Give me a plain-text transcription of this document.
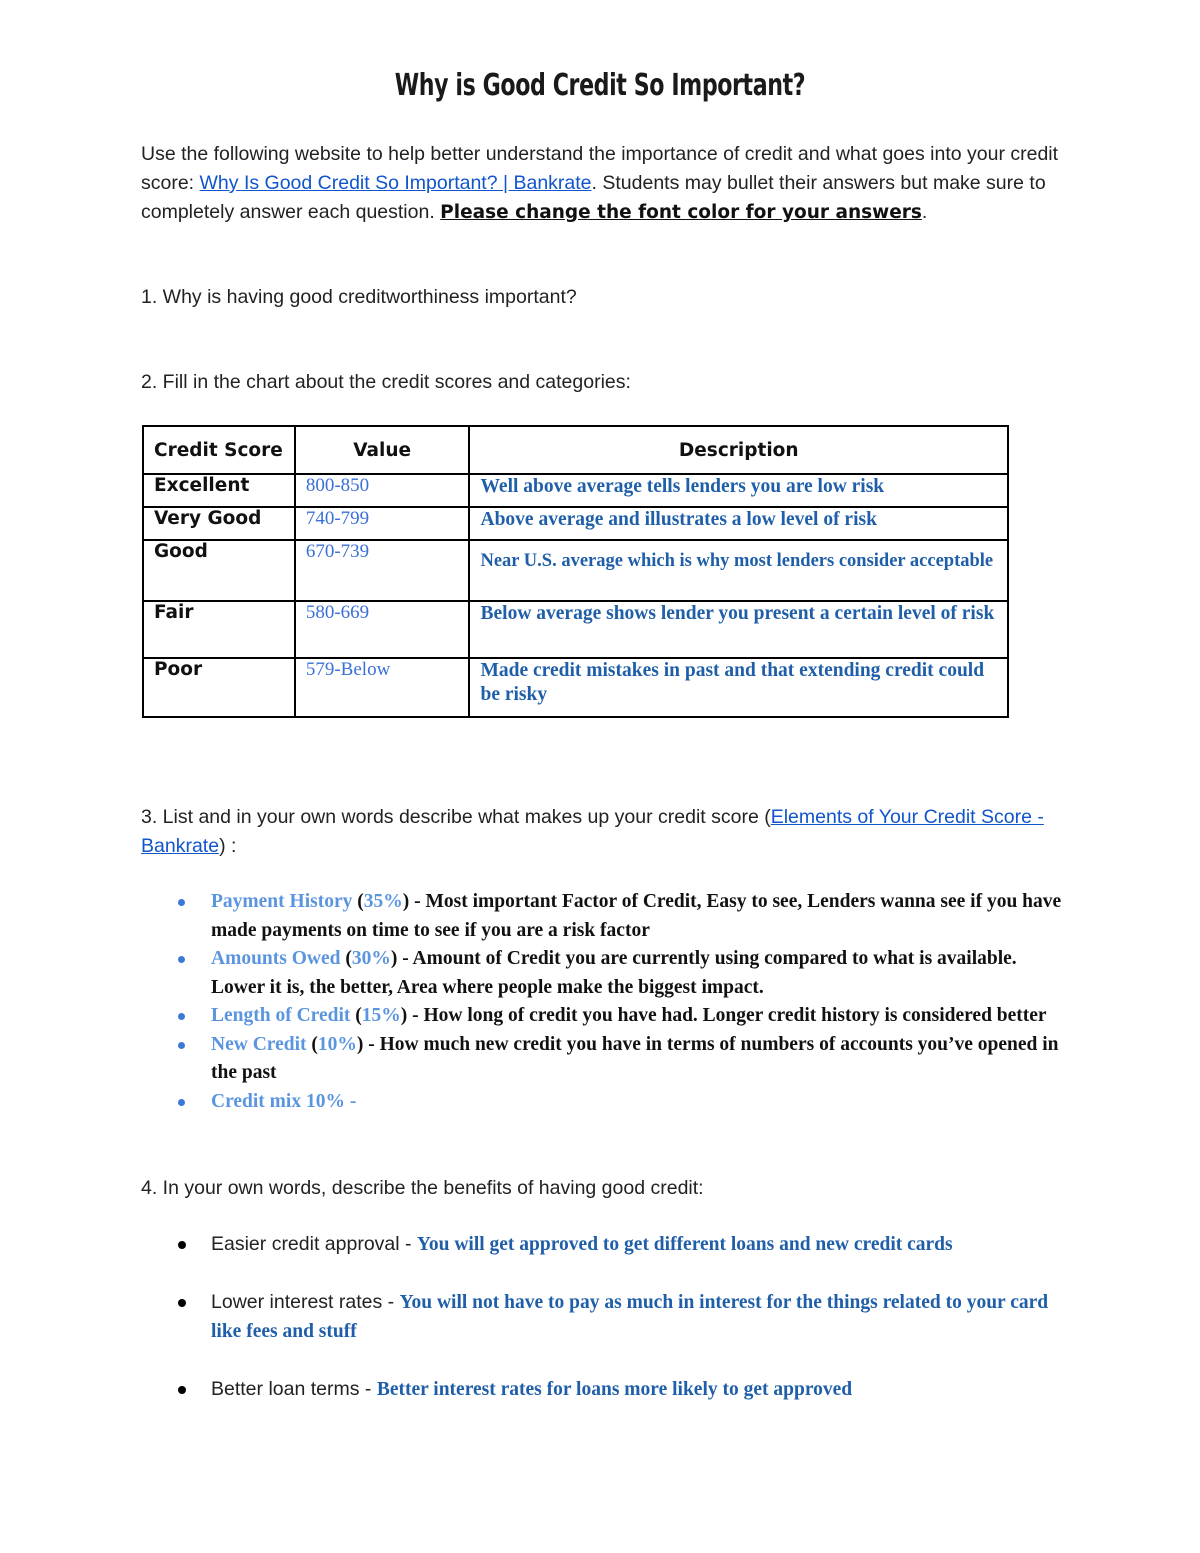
Why is Good Credit So Important?
Use the following website to help better understand the importance of credit and what goes into your credit score: Why Is Good Credit So Important? | Bankrate. Students may bullet their answers but make sure to completely answer each question. Please change the font color for your answers.
1. Why is having good creditworthiness important?
2. Fill in the chart about the credit scores and categories:
Credit Score	Value	Description
Excellent	800-850	Well above average tells lenders you are low risk
Very Good	740-799	Above average and illustrates a low level of risk
Good	670-739	Near U.S. average which is why most lenders consider acceptable
Fair	580-669	Below average shows lender you present a certain level of risk
Poor	579-Below	Made credit mistakes in past and that extending credit could be risky
3. List and in your own words describe what makes up your credit score (Elements of Your Credit Score - Bankrate) :
Payment History (35%) - Most important Factor of Credit, Easy to see, Lenders wanna see if you have made payments on time to see if you are a risk factor
Amounts Owed (30%) - Amount of Credit you are currently using compared to what is available. Lower it is, the better, Area where people make the biggest impact.
Length of Credit (15%) - How long of credit you have had. Longer credit history is considered better
New Credit (10%) - How much new credit you have in terms of numbers of accounts you’ve opened in the past
Credit mix 10% -
4. In your own words, describe the benefits of having good credit:
Easier credit approval - You will get approved to get different loans and new credit cards
Lower interest rates - You will not have to pay as much in interest for the things related to your card like fees and stuff
Better loan terms - Better interest rates for loans more likely to get approved
